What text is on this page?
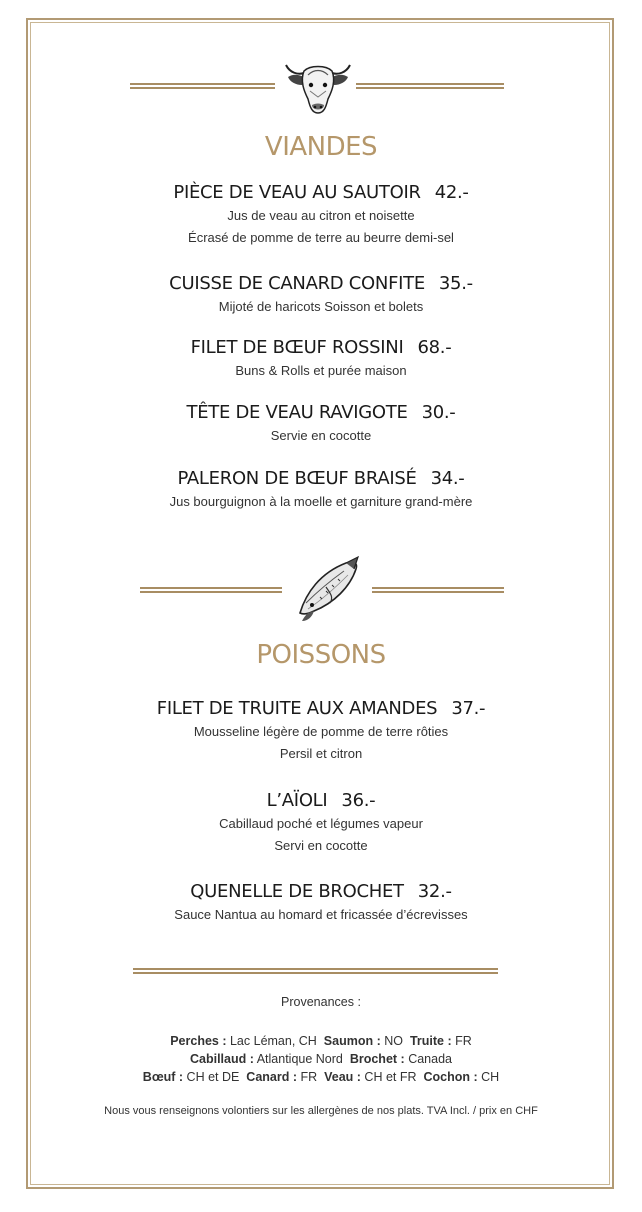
VIANDES
PIÈCE DE VEAU AU SAUTOIR 42.-
Jus de veau au citron et noisette
Écrasé de pomme de terre au beurre demi-sel
CUISSE DE CANARD CONFITE 35.-
Mijoté de haricots Soisson et bolets
FILET DE BŒUF ROSSINI 68.-
Buns & Rolls et purée maison
TÊTE DE VEAU RAVIGOTE 30.-
Servie en cocotte
PALERON DE BŒUF BRAISÉ 34.-
Jus bourguignon à la moelle et garniture grand-mère
POISSONS
FILET DE TRUITE AUX AMANDES 37.-
Mousseline légère de pomme de terre rôties
Persil et citron
L’AÏOLI 36.-
Cabillaud poché et légumes vapeur
Servi en cocotte
QUENELLE DE BROCHET 32.-
Sauce Nantua au homard et fricassée d’écrevisses
Provenances :
Perches : Lac Léman, CH Saumon : NO Truite : FR
Cabillaud : Atlantique Nord Brochet : Canada
Bœuf : CH et DE Canard : FR Veau : CH et FR Cochon : CH
Nous vous renseignons volontiers sur les allergènes de nos plats. TVA Incl. / prix en CHF
